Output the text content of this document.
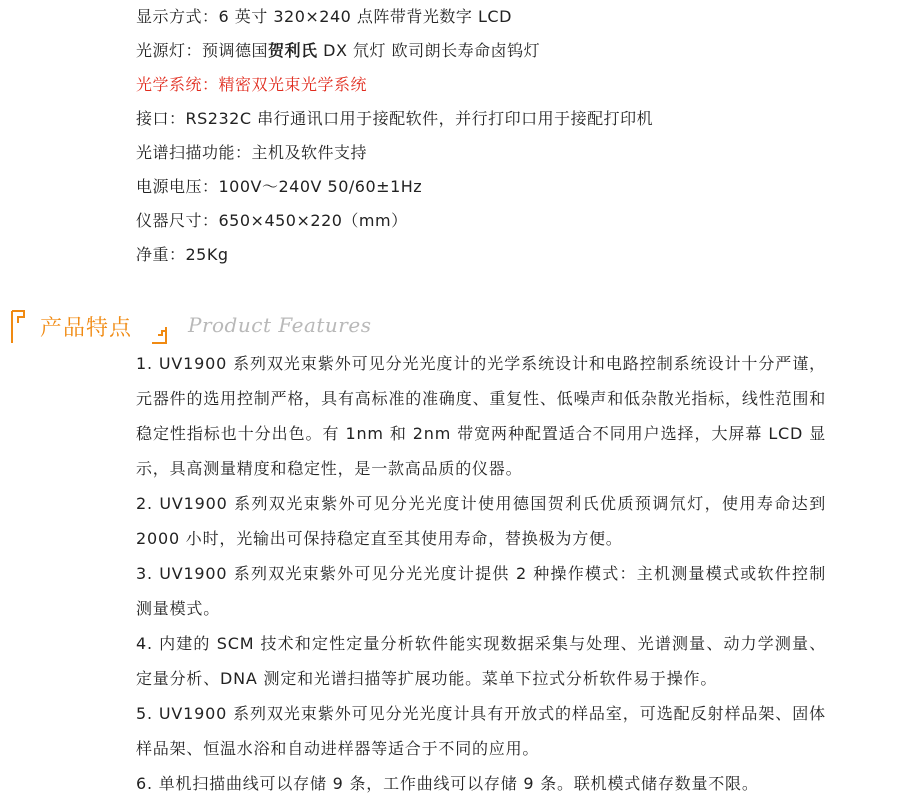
显示方式：6 英寸 320×240 点阵带背光数字 LCD
光源灯：预调德国贺利氏 DX 氘灯 欧司朗长寿命卤钨灯
光学系统：精密双光束光学系统
接口：RS232C 串行通讯口用于接配软件，并行打印口用于接配打印机
光谱扫描功能：主机及软件支持
电源电压：100V～240V 50/60±1Hz
仪器尺寸：650×450×220（mm）
净重：25Kg
产品特点	Product Features
1. UV1900 系列双光束紫外可见分光光度计的光学系统设计和电路控制系统设计十分严谨，元器件的选用控制严格，具有高标准的准确度、重复性、低噪声和低杂散光指标，线性范围和稳定性指标也十分出色。有 1nm 和 2nm 带宽两种配置适合不同用户选择，大屏幕 LCD 显示，具高测量精度和稳定性，是一款高品质的仪器。
2. UV1900 系列双光束紫外可见分光光度计使用德国贺利氏优质预调氘灯，使用寿命达到 2000 小时，光输出可保持稳定直至其使用寿命，替换极为方便。
3. UV1900 系列双光束紫外可见分光光度计提供 2 种操作模式：主机测量模式或软件控制测量模式。
4. 内建的 SCM 技术和定性定量分析软件能实现数据采集与处理、光谱测量、动力学测量、定量分析、DNA 测定和光谱扫描等扩展功能。菜单下拉式分析软件易于操作。
5. UV1900 系列双光束紫外可见分光光度计具有开放式的样品室，可选配反射样品架、固体样品架、恒温水浴和自动进样器等适合于不同的应用。
6. 单机扫描曲线可以存储 9 条，工作曲线可以存储 9 条。联机模式储存数量不限。
